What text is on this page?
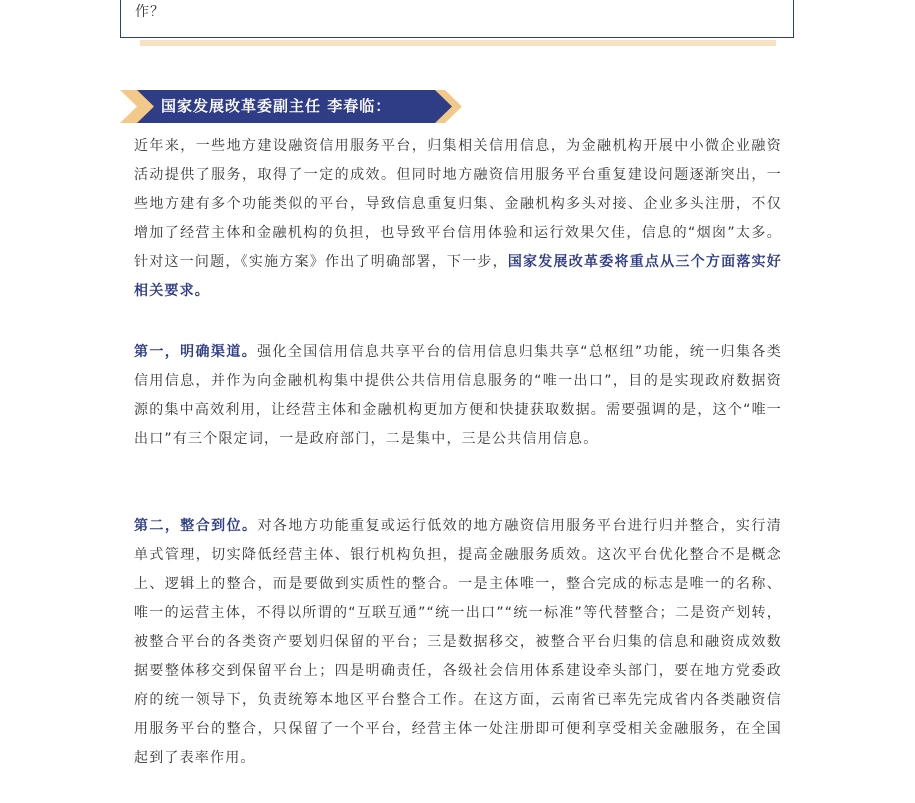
作？
国家发展改革委副主任 李春临：

近年来，一些地方建设融资信用服务平台，归集相关信用信息，为金融机构开展中小微企业融资活动提供了服务，取得了一定的成效。但同时地方融资信用服务平台重复建设问题逐渐突出，一些地方建有多个功能类似的平台，导致信息重复归集、金融机构多头对接、企业多头注册，不仅增加了经营主体和金融机构的负担，也导致平台信用体验和运行效果欠佳，信息的“烟囱”太多。针对这一问题，《实施方案》作出了明确部署，下一步，国家发展改革委将重点从三个方面落实好相关要求。

第一，明确渠道。强化全国信用信息共享平台的信用信息归集共享“总枢纽”功能，统一归集各类信用信息，并作为向金融机构集中提供公共信用信息服务的“唯一出口”，目的是实现政府数据资源的集中高效利用，让经营主体和金融机构更加方便和快捷获取数据。需要强调的是，这个“唯一出口”有三个限定词，一是政府部门，二是集中，三是公共信用信息。

第二，整合到位。对各地方功能重复或运行低效的地方融资信用服务平台进行归并整合，实行清单式管理，切实降低经营主体、银行机构负担，提高金融服务质效。这次平台优化整合不是概念上、逻辑上的整合，而是要做到实质性的整合。一是主体唯一，整合完成的标志是唯一的名称、唯一的运营主体，不得以所谓的“互联互通”“统一出口”“统一标准”等代替整合；二是资产划转，被整合平台的各类资产要划归保留的平台；三是数据移交，被整合平台归集的信息和融资成效数据要整体移交到保留平台上；四是明确责任，各级社会信用体系建设牵头部门，要在地方党委政府的统一领导下，负责统筹本地区平台整合工作。在这方面，云南省已率先完成省内各类融资信用服务平台的整合，只保留了一个平台，经营主体一处注册即可便利享受相关金融服务，在全国起到了表率作用。
